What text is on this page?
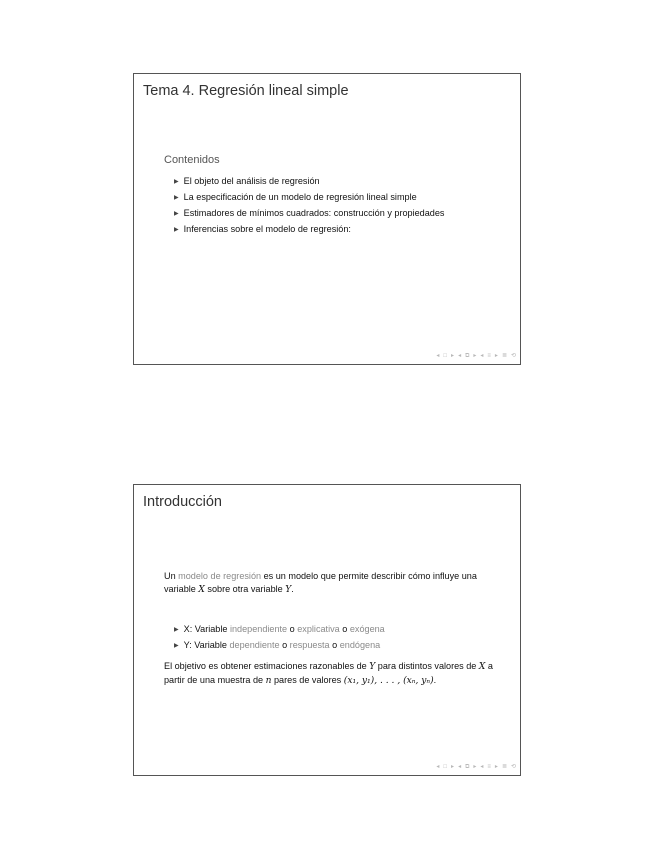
Tema 4. Regresión lineal simple
Contenidos
▶ El objeto del análisis de regresión
▶ La especificación de un modelo de regresión lineal simple
▶ Estimadores de mínimos cuadrados: construcción y propiedades
▶ Inferencias sobre el modelo de regresión:
◂ □ ▸ ◂ ⧉ ▸ ◂ ≡ ▸ ≣ ⟲
Introducción

Un modelo de regresión es un modelo que permite describir cómo influye una variable X sobre otra variable Y.

▶ X: Variable independiente o explicativa o exógena
▶ Y: Variable dependiente o respuesta o endógena

El objetivo es obtener estimaciones razonables de Y para distintos valores de X a partir de una muestra de n pares de valores (x₁, y₁), . . . , (xₙ, yₙ).

◂ □ ▸ ◂ ⧉ ▸ ◂ ≡ ▸ ≣ ⟲
